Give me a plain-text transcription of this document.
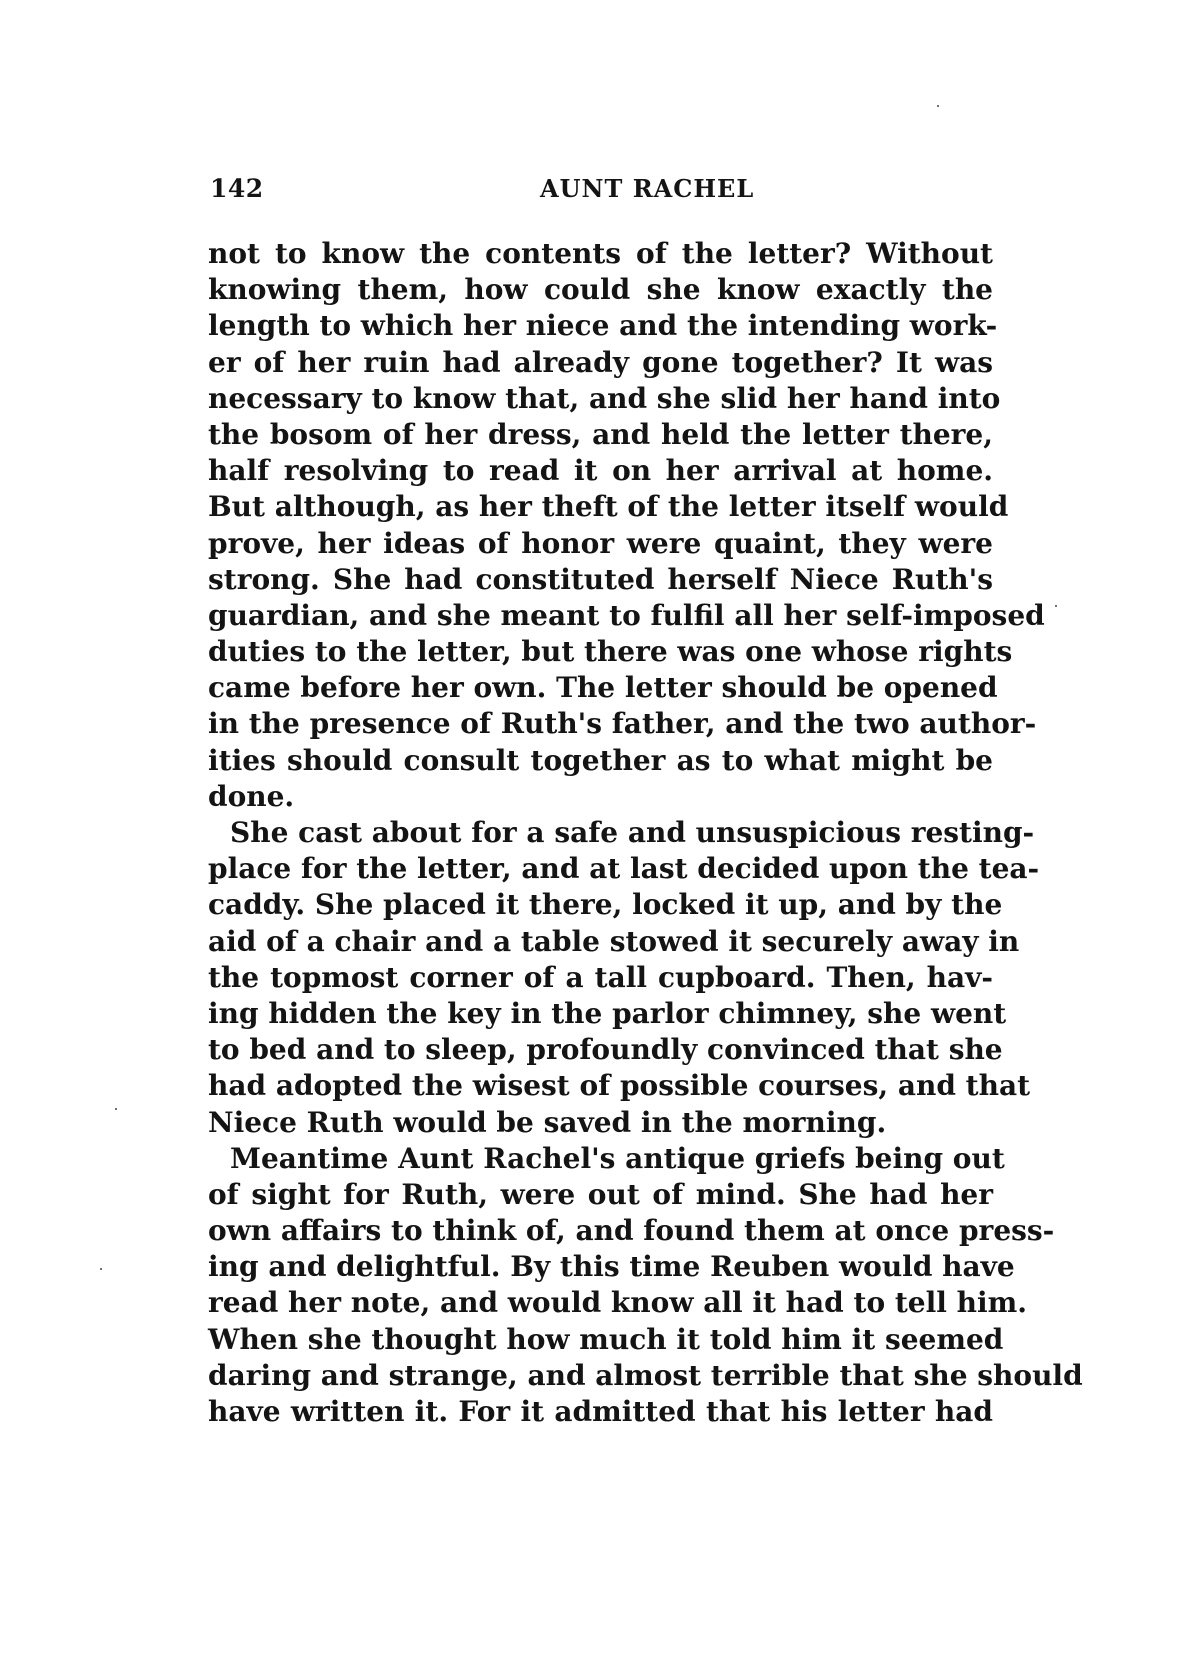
142	AUNT RACHEL
not to know the contents of the letter? Without
knowing them, how could she know exactly the
length to which her niece and the intending work-
er of her ruin had already gone together? It was
necessary to know that, and she slid her hand into
the bosom of her dress, and held the letter there,
half resolving to read it on her arrival at home.
But although, as her theft of the letter itself would
prove, her ideas of honor were quaint, they were
strong. She had constituted herself Niece Ruth's
guardian, and she meant to fulfil all her self-imposed
duties to the letter, but there was one whose rights
came before her own. The letter should be opened
in the presence of Ruth's father, and the two author-
ities should consult together as to what might be
done.
She cast about for a safe and unsuspicious resting-
place for the letter, and at last decided upon the tea-
caddy. She placed it there, locked it up, and by the
aid of a chair and a table stowed it securely away in
the topmost corner of a tall cupboard. Then, hav-
ing hidden the key in the parlor chimney, she went
to bed and to sleep, profoundly convinced that she
had adopted the wisest of possible courses, and that
Niece Ruth would be saved in the morning.
Meantime Aunt Rachel's antique griefs being out
of sight for Ruth, were out of mind. She had her
own affairs to think of, and found them at once press-
ing and delightful. By this time Reuben would have
read her note, and would know all it had to tell him.
When she thought how much it told him it seemed
daring and strange, and almost terrible that she should
have written it. For it admitted that his letter had
